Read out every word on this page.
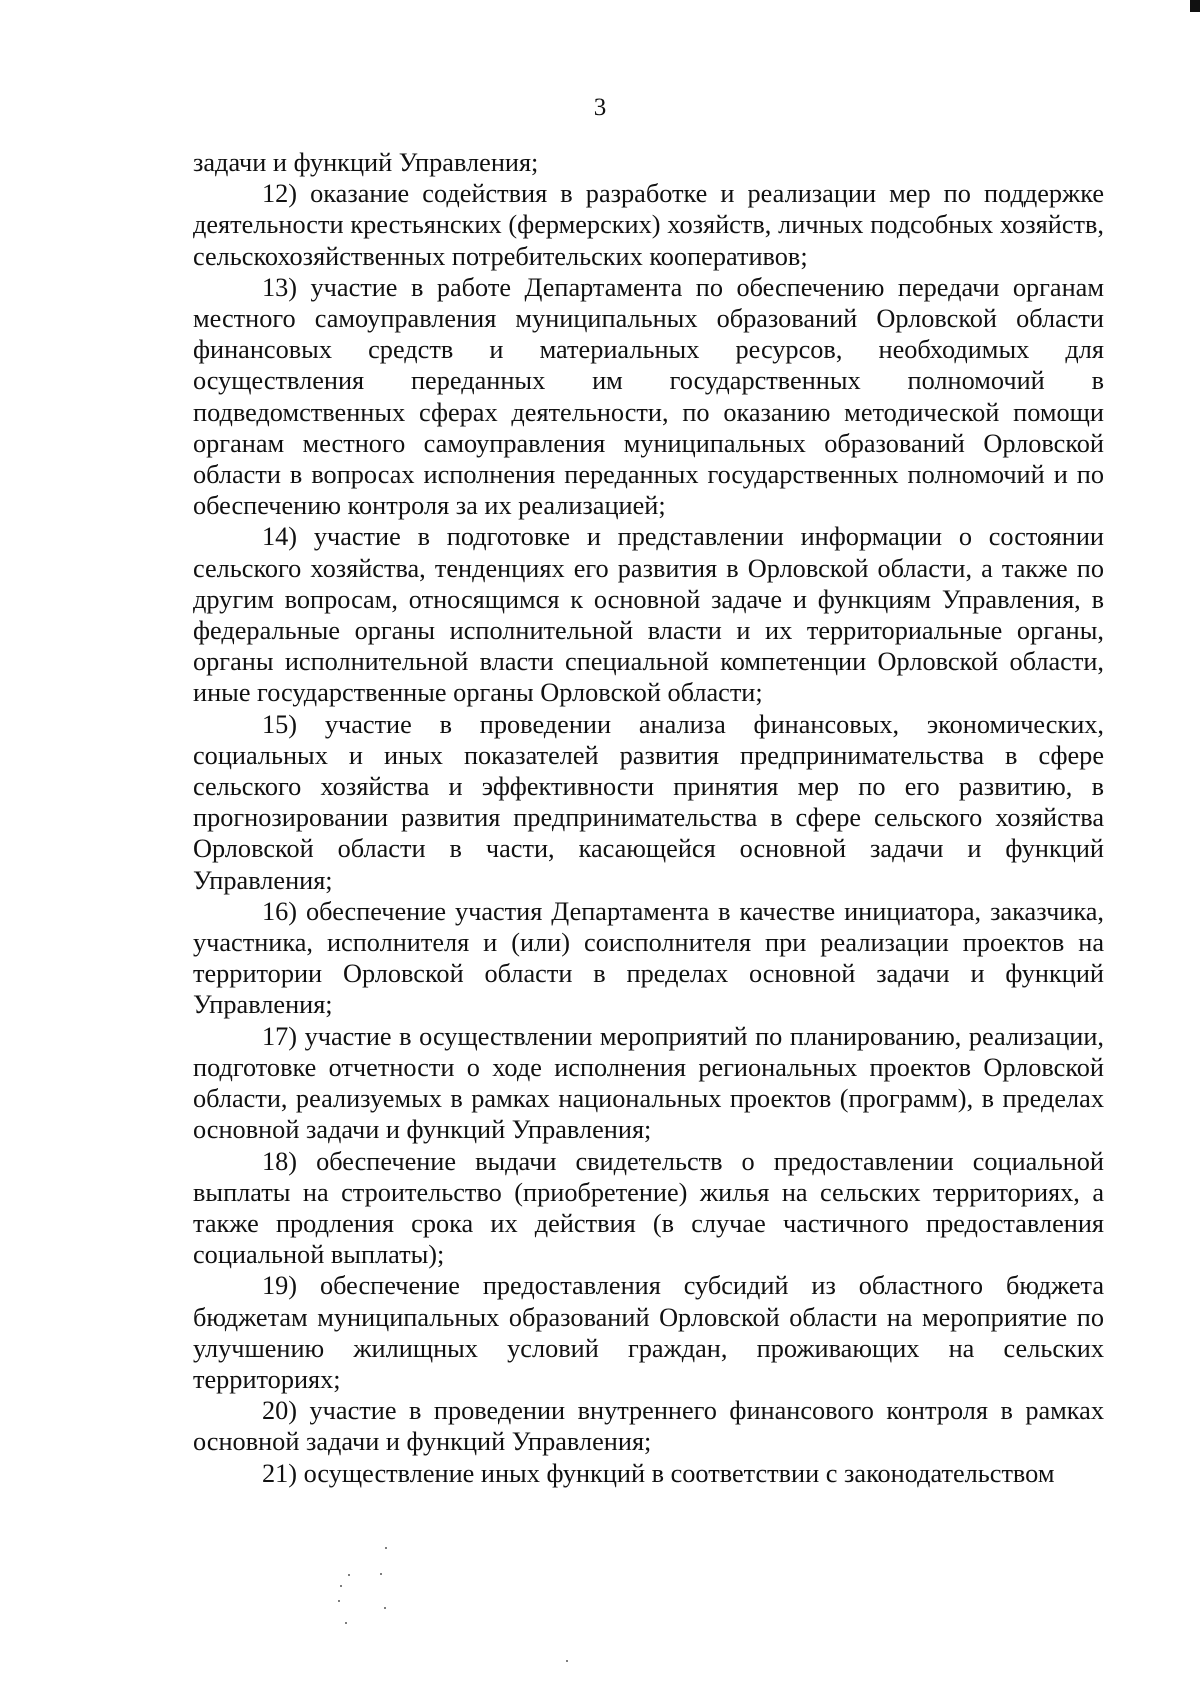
3

задачи и функций Управления;

12) оказание содействия в разработке и реализации мер по поддержке деятельности крестьянских (фермерских) хозяйств, личных подсобных хозяйств, сельскохозяйственных потребительских кооперативов;

13) участие в работе Департамента по обеспечению передачи органам местного самоуправления муниципальных образований Орловской области финансовых средств и материальных ресурсов, необходимых для осуществления переданных им государственных полномочий в подведомственных сферах деятельности, по оказанию методической помощи органам местного самоуправления муниципальных образований Орловской области в вопросах исполнения переданных государственных полномочий и по обеспечению контроля за их реализацией;

14) участие в подготовке и представлении информации о состоянии сельского хозяйства, тенденциях его развития в Орловской области, а также по другим вопросам, относящимся к основной задаче и функциям Управления, в федеральные органы исполнительной власти и их территориальные органы, органы исполнительной власти специальной компетенции Орловской области, иные государственные органы Орловской области;

15) участие в проведении анализа финансовых, экономических, социальных и иных показателей развития предпринимательства в сфере сельского хозяйства и эффективности принятия мер по его развитию, в прогнозировании развития предпринимательства в сфере сельского хозяйства Орловской области в части, касающейся основной задачи и функций Управления;

16) обеспечение участия Департамента в качестве инициатора, заказчика, участника, исполнителя и (или) соисполнителя при реализации проектов на территории Орловской области в пределах основной задачи и функций Управления;

17) участие в осуществлении мероприятий по планированию, реализации, подготовке отчетности о ходе исполнения региональных проектов Орловской области, реализуемых в рамках национальных проектов (программ), в пределах основной задачи и функций Управления;

18) обеспечение выдачи свидетельств о предоставлении социальной выплаты на строительство (приобретение) жилья на сельских территориях, а также продления срока их действия (в случае частичного предоставления социальной выплаты);

19) обеспечение предоставления субсидий из областного бюджета бюджетам муниципальных образований Орловской области на мероприятие по улучшению жилищных условий граждан, проживающих на сельских территориях;

20) участие в проведении внутреннего финансового контроля в рамках основной задачи и функций Управления;

21) осуществление иных функций в соответствии с законодательством
